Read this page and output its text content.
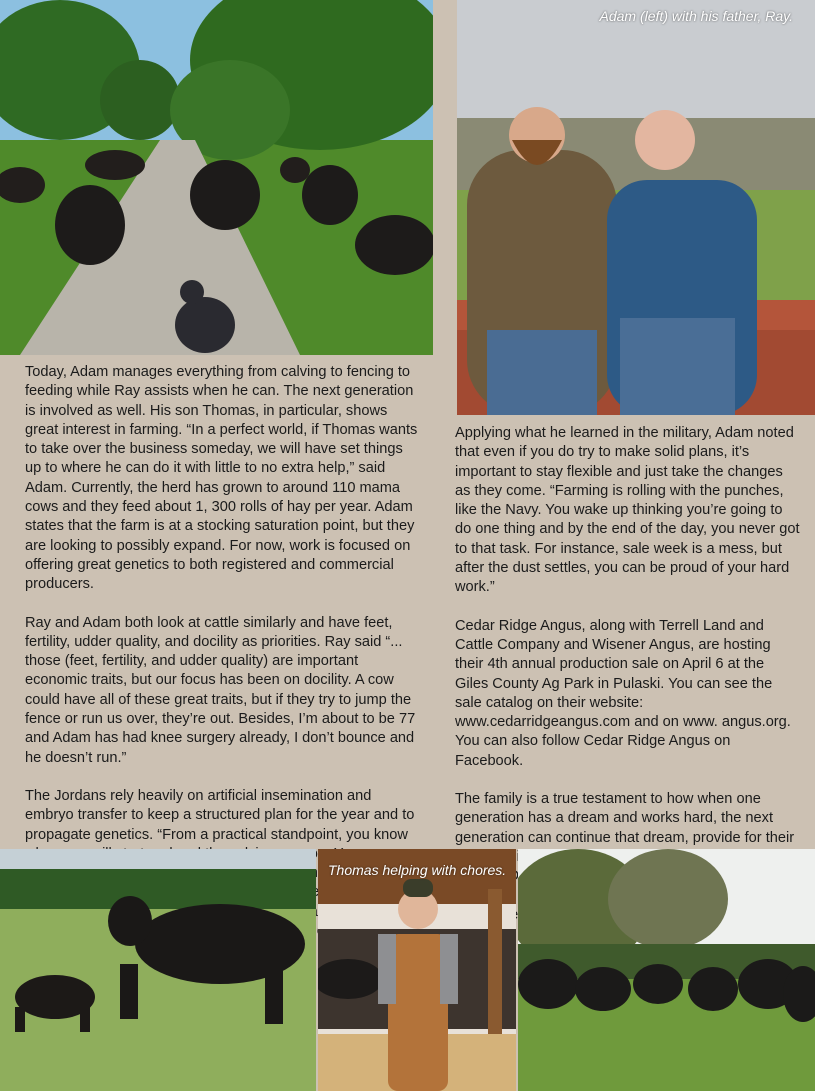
Adam (left) with his father, Ray.

Today, Adam manages everything from calving to fencing to feeding while Ray assists when he can. The next generation is involved as well. His son Thomas, in particular, shows great interest in farming. “In a perfect world, if Thomas wants to take over the business someday, we will have set things up to where he can do it with little to no extra help,” said Adam. Currently, the herd has grown to around 110 mama cows and they feed about 1, 300 rolls of hay per year. Adam states that the farm is at a stocking saturation point, but they are looking to possibly expand. For now, work is focused on offering great genetics to both registered and commercial producers.

Ray and Adam both look at cattle similarly and have feet, fertility, udder quality, and docility as priorities. Ray said “... those (feet, fertility, and udder quality) are important economic traits, but our focus has been on docility. A cow could have all of these great traits, but if they try to jump the fence or run us over, they’re out. Besides, I’m about to be 77 and Adam has had knee surgery already, I don’t bounce and he doesn’t run.”

The Jordans rely heavily on artificial insemination and embryo transfer to keep a structured plan for the year and to propagate genetics. “From a practical standpoint, you know

Applying what he learned in the military, Adam noted that even if you do try to make solid plans, it’s important to stay flexible and just take the changes as they come. “Farming is rolling with the punches, like the Navy. You wake up thinking you’re going to do one thing and by the end of the day, you never got to that task. For instance, sale week is a mess, but after the dust settles, you can be proud of your hard work.”

Cedar Ridge Angus, along with Terrell Land and Cattle Company and Wisener Angus, are hosting their 4th annual production sale on April 6 at the Giles County Ag Park in Pulaski. You can see the sale catalog on their website: www.cedarridgeangus.com and on www. angus.org. You can also follow Cedar Ridge Angus on Facebook.

The family is a true testament to how when one generation has a dream and works hard, the next generation can continue that dream, provide for their

Thomas helping with chores.
